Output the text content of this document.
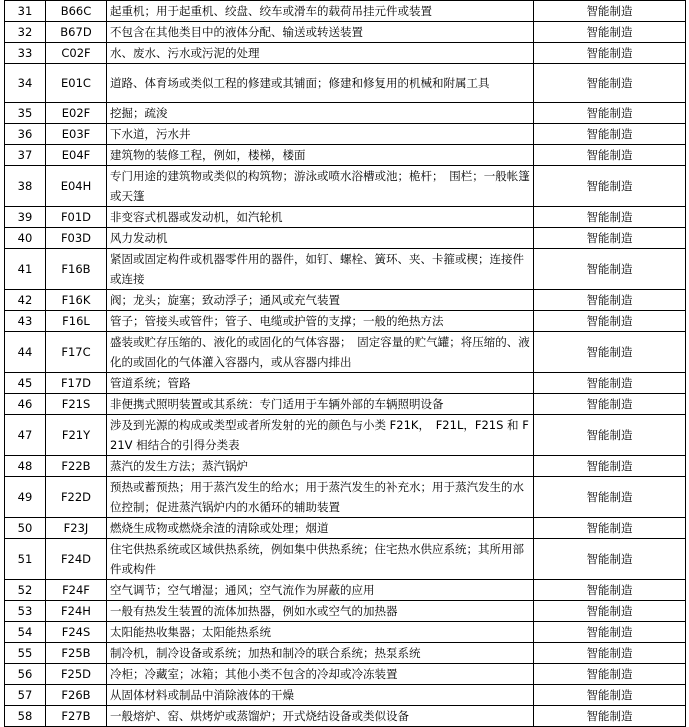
31	B66C	起重机；用于起重机、绞盘、绞车或滑车的载荷吊挂元件或装置	智能制造
32	B67D	不包含在其他类目中的液体分配、输送或转送装置	智能制造
33	C02F	水、废水、污水或污泥的处理	智能制造
34	E01C	道路、体育场或类似工程的修建或其铺面；修建和修复用的机械和附属工具	智能制造
35	E02F	挖掘；疏浚	智能制造
36	E03F	下水道，污水井	智能制造
37	E04F	建筑物的装修工程，例如，楼梯，楼面	智能制造
38	E04H	专门用途的建筑物或类似的构筑物；游泳或喷水浴槽或池；桅杆；　围栏；一般帐篷或天篷	智能制造
39	F01D	非变容式机器或发动机，如汽轮机	智能制造
40	F03D	风力发动机	智能制造
41	F16B	紧固或固定构件或机器零件用的器件，如钉、螺栓、簧环、夹、卡箍或楔；连接件或连接	智能制造
42	F16K	阀；龙头；旋塞；致动浮子；通风或充气装置	智能制造
43	F16L	管子；管接头或管件；管子、电缆或护管的支撑；一般的绝热方法	智能制造
44	F17C	盛装或贮存压缩的、液化的或固化的气体容器；　固定容量的贮气罐；将压缩的、液化的或固化的气体灌入容器内，或从容器内排出	智能制造
45	F17D	管道系统；管路	智能制造
46	F21S	非便携式照明装置或其系统：专门适用于车辆外部的车辆照明设备	智能制造
47	F21Y	涉及到光源的构成或类型或者所发射的光的颜色与小类 F21K，　F21L，F21S 和 F21V 相结合的引得分类表	智能制造
48	F22B	蒸汽的发生方法；蒸汽锅炉	智能制造
49	F22D	预热或蓄预热；用于蒸汽发生的给水；用于蒸汽发生的补充水；用于蒸汽发生的水位控制；促进蒸汽锅炉内的水循环的辅助装置	智能制造
50	F23J	燃烧生成物或燃烧余渣的清除或处理；烟道	智能制造
51	F24D	住宅供热系统或区域供热系统，例如集中供热系统；住宅热水供应系统；其所用部件或构件	智能制造
52	F24F	空气调节；空气增湿；通风；空气流作为屏蔽的应用	智能制造
53	F24H	一般有热发生装置的流体加热器，例如水或空气的加热器	智能制造
54	F24S	太阳能热收集器；太阳能热系统	智能制造
55	F25B	制冷机，制冷设备或系统；加热和制冷的联合系统；热泵系统	智能制造
56	F25D	冷柜；冷藏室；冰箱；其他小类不包含的冷却或冷冻装置	智能制造
57	F26B	从固体材料或制品中消除液体的干燥	智能制造
58	F27B	一般熔炉、窑、烘烤炉或蒸馏炉；开式烧结设备或类似设备	智能制造
